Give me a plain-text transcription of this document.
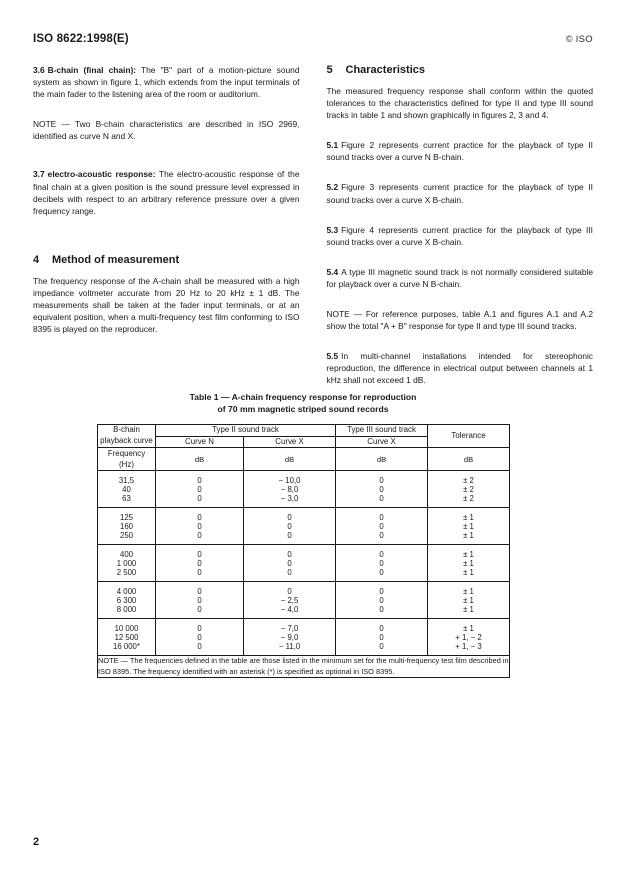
ISO 8622:1998(E)	© ISO

3.6 B-chain (final chain): The "B" part of a motion-picture sound system as shown in figure 1, which extends from the input terminals of the main fader to the listening area of the room or auditorium.

NOTE — Two B-chain characteristics are described in ISO 2969, identified as curve N and X.

3.7 electro-acoustic response: The electro-acoustic response of the final chain at a given position is the sound pressure level expressed in decibels with respect to an arbitrary reference pressure over a given frequency range.

4 Method of measurement

The frequency response of the A-chain shall be measured with a high impedance voltmeter accurate from 20 Hz to 20 kHz ± 1 dB. The measurements shall be taken at the fader input terminals, or at an equivalent position, when a multi-frequency test film conforming to ISO 8395 is played on the reproducer.

5 Characteristics

The measured frequency response shall conform within the quoted tolerances to the characteristics defined for type II and type III sound tracks in table 1 and shown graphically in figures 2, 3 and 4.

5.1 Figure 2 represents current practice for the playback of type II sound tracks over a curve N B-chain.

5.2 Figure 3 represents current practice for the playback of type II sound tracks over a curve X B-chain.

5.3 Figure 4 represents current practice for the playback of type III sound tracks over a curve X B-chain.

5.4 A type III magnetic sound track is not normally considered suitable for playback over a curve N B-chain.

NOTE — For reference purposes, table A.1 and figures A.1 and A.2 show the total "A + B" response for type II and type III sound tracks.

5.5 In multi-channel installations intended for stereophonic reproduction, the difference in electrical output between channels at 1 kHz shall not exceed 1 dB.

Table 1 — A-chain frequency response for reproduction
of 70 mm magnetic striped sound records
B-chain playback curve	Type II sound track		Type III sound track	Tolerance
	Curve N	Curve X	Curve X	

Frequency
(Hz)	dB	dB	dB	dB
31,5	0	− 10,0	0	± 2
40	0	− 8,0	0	± 2
63	0	− 3,0	0	± 2
125	0	0	0	± 1
160	0	0	0	± 1
250	0	0	0	± 1
400	0	0	0	± 1
1 000	0	0	0	± 1
2 500	0	0	0	± 1
4 000	0	0	0	± 1
6 300	0	− 2,5	0	± 1
8 000	0	− 4,0	0	± 1
10 000	0	− 7,0	0	± 1
12 500	0	− 9,0	0	+ 1, − 2
16 000*	0	− 11,0	0	+ 1, − 3
NOTE — The frequencies defined in the table are those listed in the minimum set for the multi-frequency test film described in ISO 8395. The frequency identified with an asterisk (*) is specified as optional in ISO 8395.				
2
